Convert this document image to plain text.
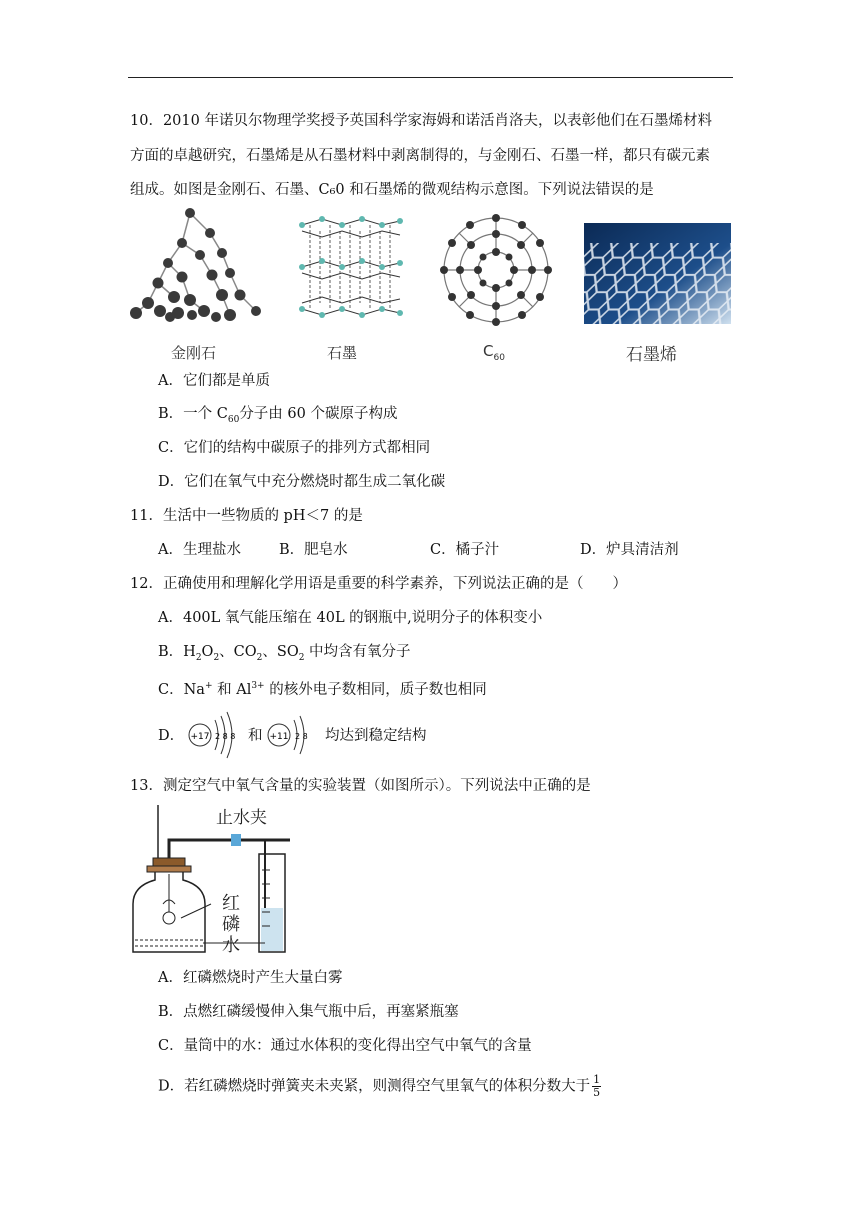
10．2010 年诺贝尔物理学奖授予英国科学家海姆和诺活肖洛夫，以表彰他们在石墨烯材料
方面的卓越研究，石墨烯是从石墨材料中剥离制得的，与金刚石、石墨一样，都只有碳元素
组成。如图是金刚石、石墨、C₆0 和石墨烯的微观结构示意图。下列说法错误的是
金刚石	石墨	$C_{60}$	石墨烯
A．它们都是单质
B．一个 $C_{60}$分子由 60 个碳原子构成
C．它们的结构中碳原子的排列方式都相同
D．它们在氧气中充分燃烧时都生成二氧化碳
11．生活中一些物质的 pH＜7 的是
A．生理盐水	B．肥皂水	C．橘子汁	D．炉具清洁剂
12．正确使用和理解化学用语是重要的科学素养，下列说法正确的是（　　）
A．400L 氧气能压缩在 40L 的钢瓶中,说明分子的体积变小
B．$H_2O_2$、$CO_2$、$SO_2$ 中均含有氧分子
C．Na+ 和 $Al^{3+}$ 的核外电子数相同，质子数也相同
D． +17 2 8 8 和 +11 2 8 均达到稳定结构
13．测定空气中氧气含量的实验装置（如图所示）。下列说法中正确的是
止水夹
红
磷
水
A．红磷燃烧时产生大量白雾
B．点燃红磷缓慢伸入集气瓶中后，再塞紧瓶塞
C．量筒中的水：通过水体积的变化得出空气中氧气的含量
D．若红磷燃烧时弹簧夹未夹紧，则测得空气里氧气的体积分数大于 $\frac{1}{5}$
